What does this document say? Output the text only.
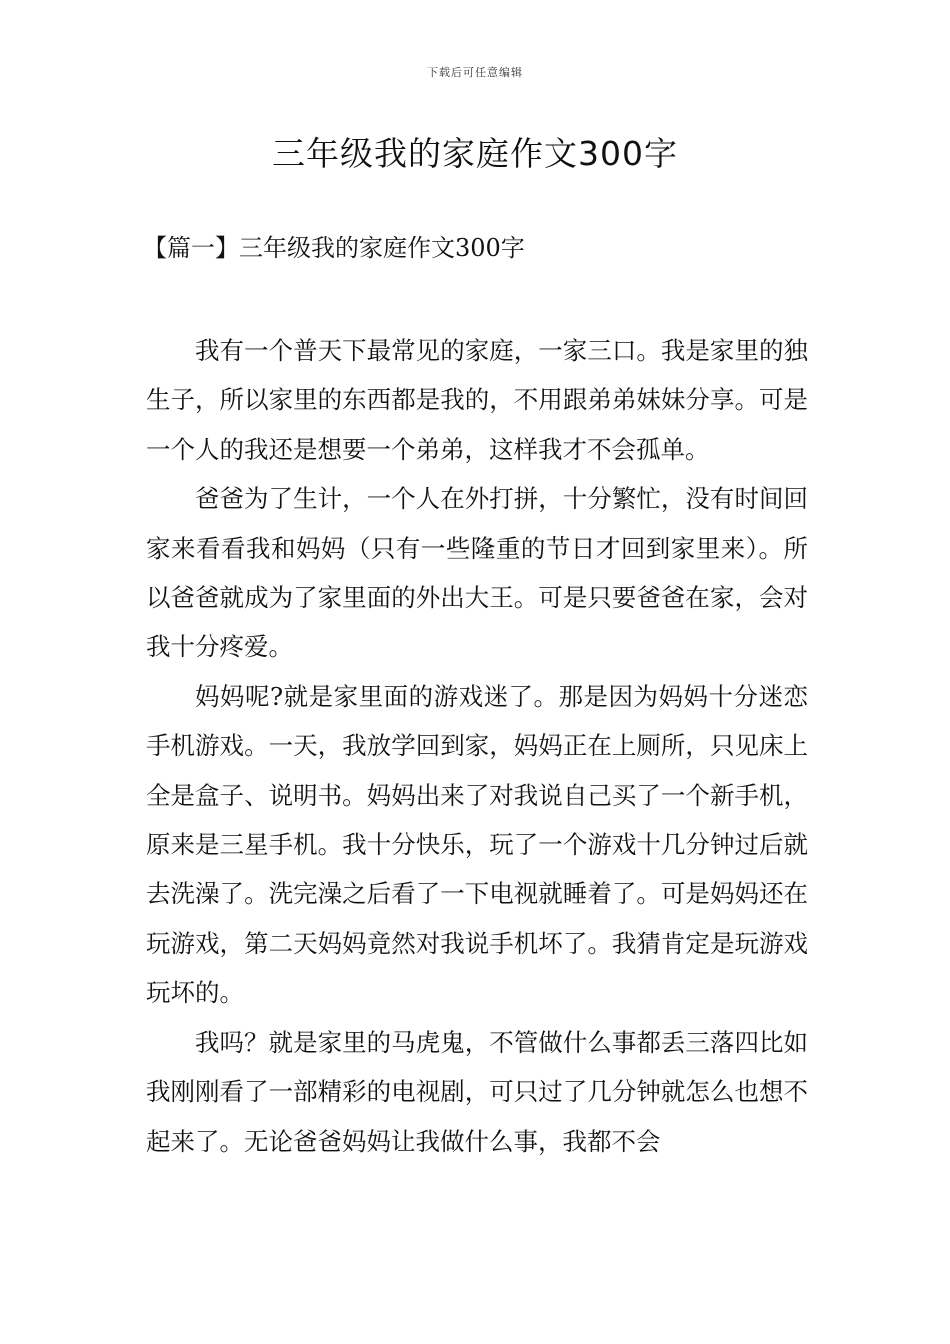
下载后可任意编辑
三年级我的家庭作文300字
【篇一】三年级我的家庭作文300字

我有一个普天下最常见的家庭，一家三口。我是家里的独生子，所以家里的东西都是我的，不用跟弟弟妹妹分享。可是一个人的我还是想要一个弟弟，这样我才不会孤单。

爸爸为了生计，一个人在外打拼，十分繁忙，没有时间回家来看看我和妈妈（只有一些隆重的节日才回到家里来）。所以爸爸就成为了家里面的外出大王。可是只要爸爸在家，会对我十分疼爱。

妈妈呢?就是家里面的游戏迷了。那是因为妈妈十分迷恋手机游戏。一天，我放学回到家，妈妈正在上厕所，只见床上全是盒子、说明书。妈妈出来了对我说自己买了一个新手机，原来是三星手机。我十分快乐，玩了一个游戏十几分钟过后就去洗澡了。洗完澡之后看了一下电视就睡着了。可是妈妈还在玩游戏，第二天妈妈竟然对我说手机坏了。我猜肯定是玩游戏玩坏的。

我吗？就是家里的马虎鬼，不管做什么事都丢三落四比如我刚刚看了一部精彩的电视剧，可只过了几分钟就怎么也想不起来了。无论爸爸妈妈让我做什么事，我都不会
